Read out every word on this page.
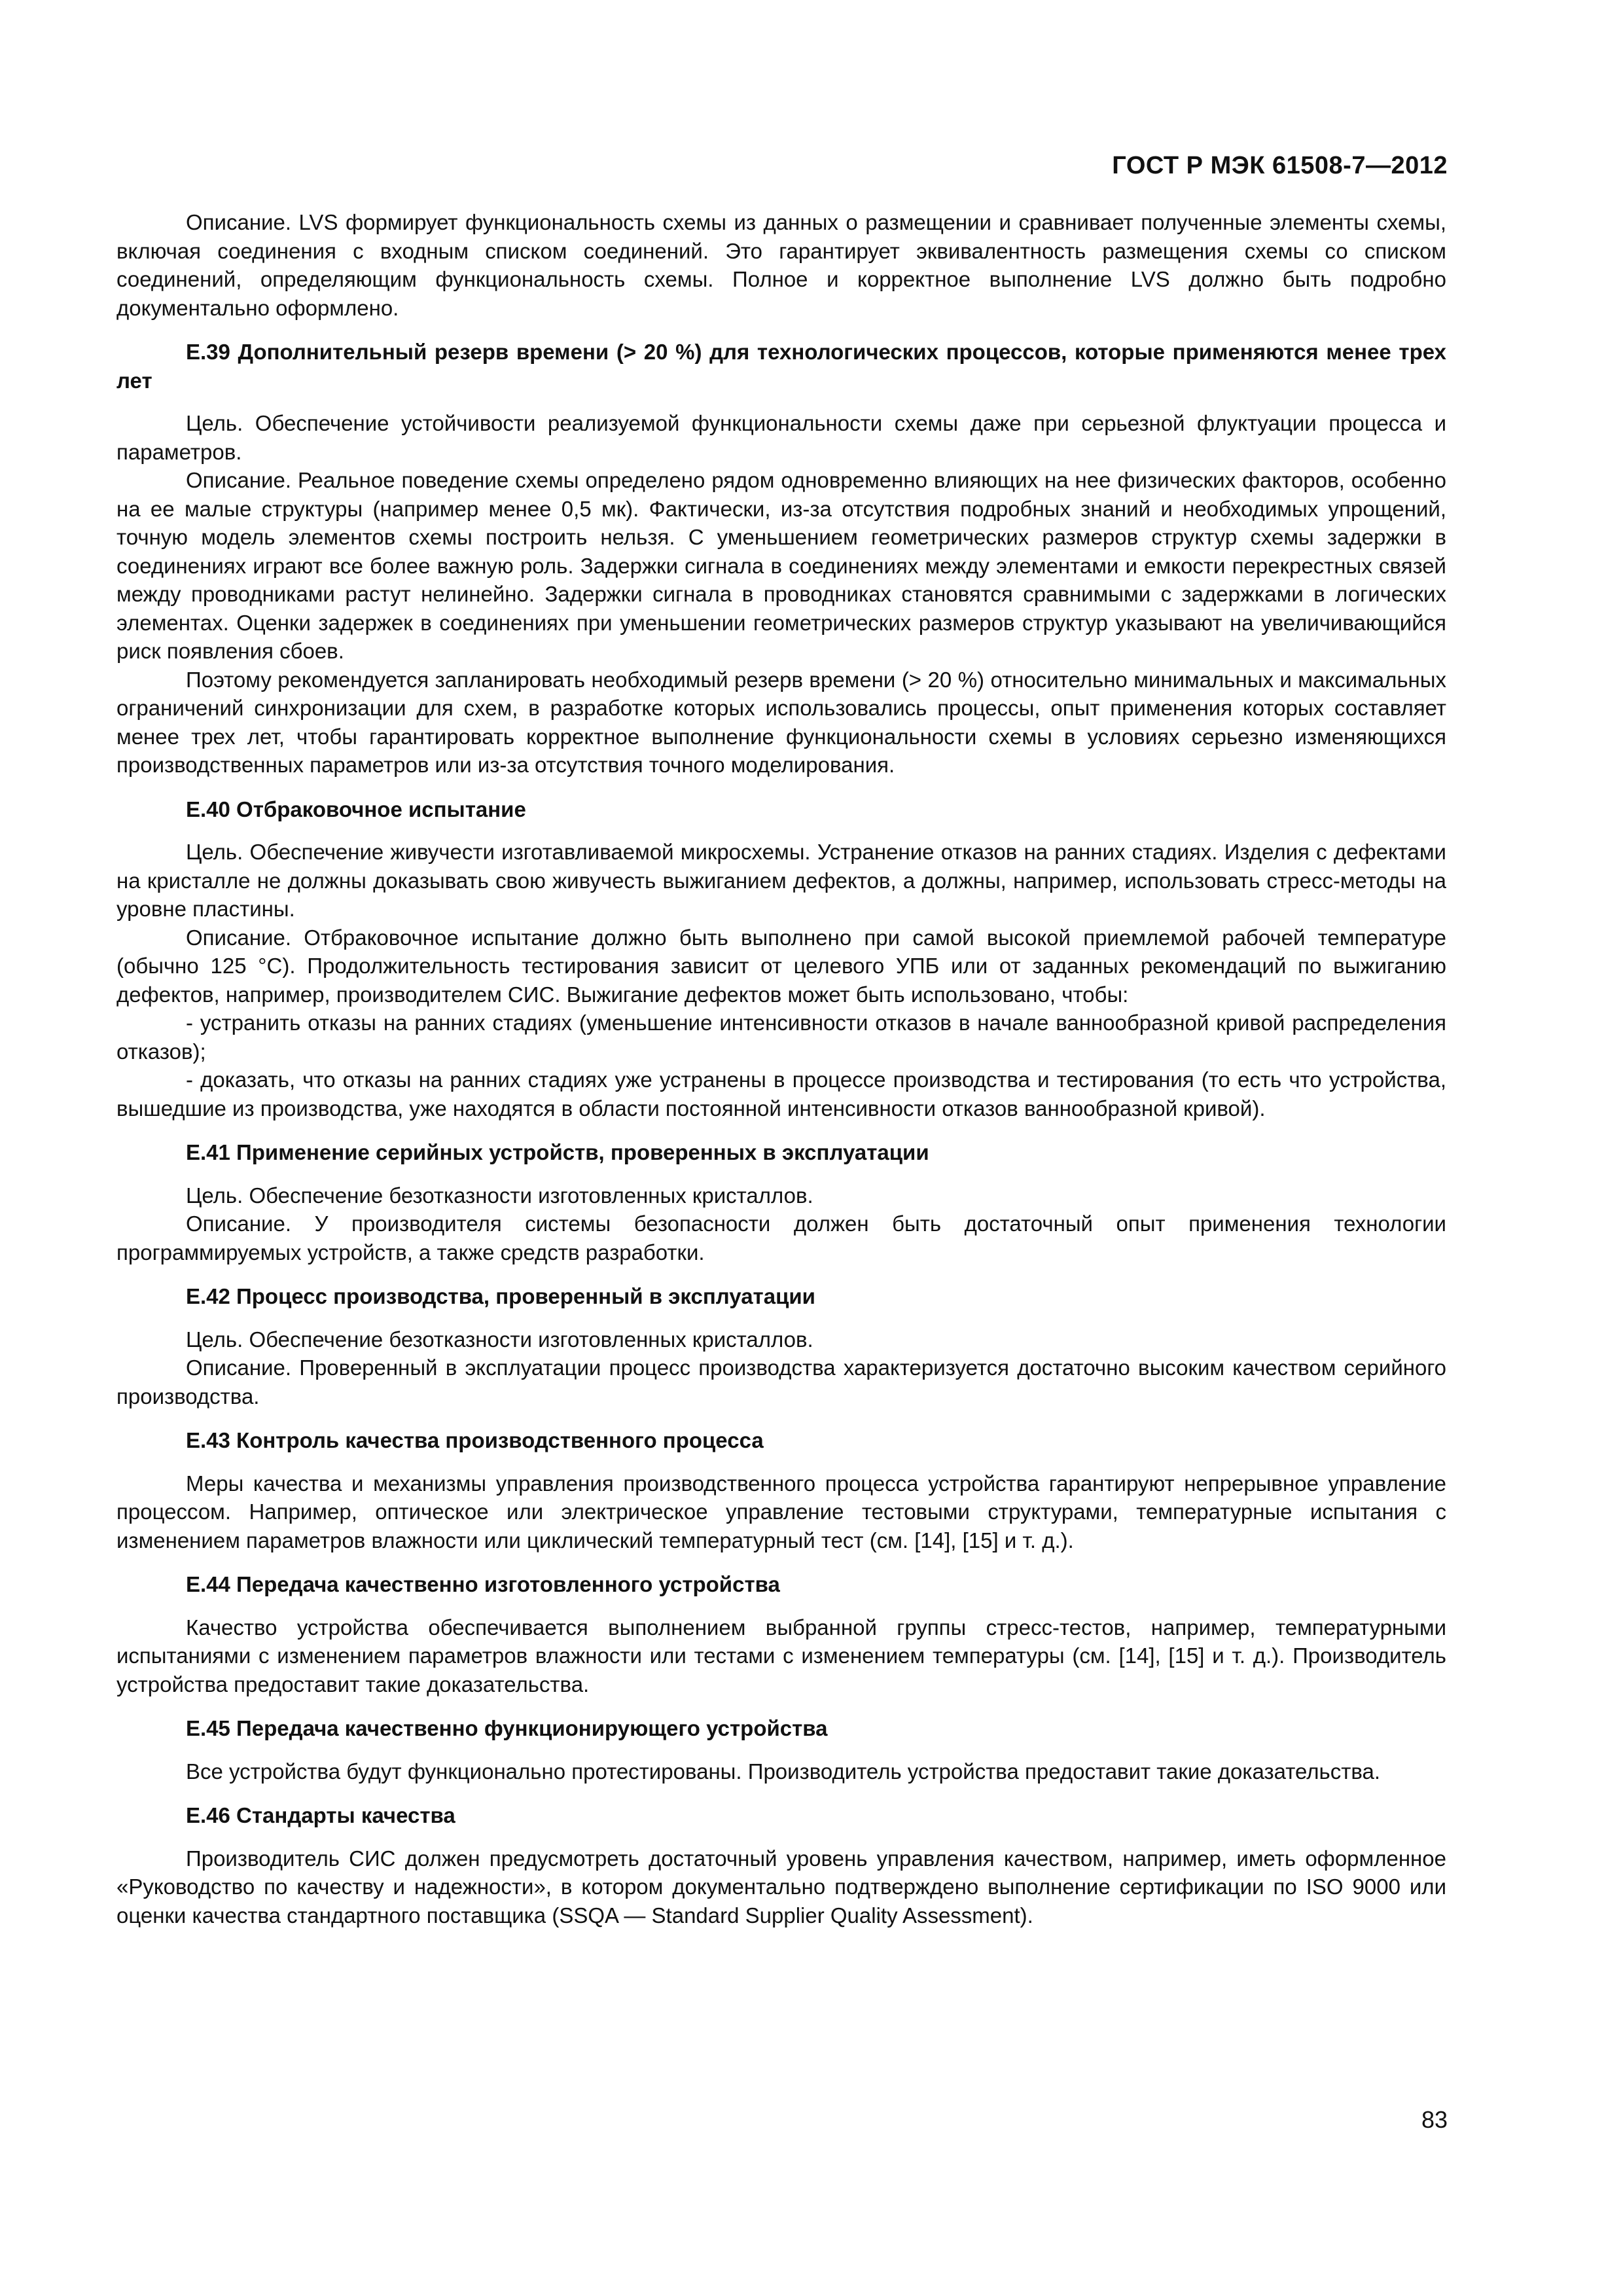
ГОСТ Р МЭК 61508-7—2012

Описание. LVS формирует функциональность схемы из данных о размещении и сравнивает полученные элементы схемы, включая соединения с входным списком соединений. Это гарантирует эквивалентность размещения схемы со списком соединений, определяющим функциональность схемы. Полное и корректное выполнение LVS должно быть подробно документально оформлено.

Е.39 Дополнительный резерв времени (> 20 %) для технологических процессов, которые применяются менее трех лет

Цель. Обеспечение устойчивости реализуемой функциональности схемы даже при серьезной флуктуации процесса и параметров.

Описание. Реальное поведение схемы определено рядом одновременно влияющих на нее физических факторов, особенно на ее малые структуры (например менее 0,5 мк). Фактически, из-за отсутствия подробных знаний и необходимых упрощений, точную модель элементов схемы построить нельзя. С уменьшением геометрических размеров структур схемы задержки в соединениях играют все более важную роль. Задержки сигнала в соединениях между элементами и емкости перекрестных связей между проводниками растут нелинейно. Задержки сигнала в проводниках становятся сравнимыми с задержками в логических элементах. Оценки задержек в соединениях при уменьшении геометрических размеров структур указывают на увеличивающийся риск появления сбоев.

Поэтому рекомендуется запланировать необходимый резерв времени (> 20 %) относительно минимальных и максимальных ограничений синхронизации для схем, в разработке которых использовались процессы, опыт применения которых составляет менее трех лет, чтобы гарантировать корректное выполнение функциональности схемы в условиях серьезно изменяющихся производственных параметров или из-за отсутствия точного моделирования.

Е.40 Отбраковочное испытание

Цель. Обеспечение живучести изготавливаемой микросхемы. Устранение отказов на ранних стадиях. Изделия с дефектами на кристалле не должны доказывать свою живучесть выжиганием дефектов, а должны, например, использовать стресс-методы на уровне пластины.

Описание. Отбраковочное испытание должно быть выполнено при самой высокой приемлемой рабочей температуре (обычно 125 °С). Продолжительность тестирования зависит от целевого УПБ или от заданных рекомендаций по выжиганию дефектов, например, производителем СИС. Выжигание дефектов может быть использовано, чтобы:

- устранить отказы на ранних стадиях (уменьшение интенсивности отказов в начале ваннообразной кривой распределения отказов);

- доказать, что отказы на ранних стадиях уже устранены в процессе производства и тестирования (то есть что устройства, вышедшие из производства, уже находятся в области постоянной интенсивности отказов ваннообразной кривой).

Е.41 Применение серийных устройств, проверенных в эксплуатации

Цель. Обеспечение безотказности изготовленных кристаллов.

Описание. У производителя системы безопасности должен быть достаточный опыт применения технологии программируемых устройств, а также средств разработки.

Е.42 Процесс производства, проверенный в эксплуатации

Цель. Обеспечение безотказности изготовленных кристаллов.

Описание. Проверенный в эксплуатации процесс производства характеризуется достаточно высоким качеством серийного производства.

Е.43 Контроль качества производственного процесса

Меры качества и механизмы управления производственного процесса устройства гарантируют непрерывное управление процессом. Например, оптическое или электрическое управление тестовыми структурами, температурные испытания с изменением параметров влажности или циклический температурный тест (см. [14], [15] и т. д.).

Е.44 Передача качественно изготовленного устройства

Качество устройства обеспечивается выполнением выбранной группы стресс-тестов, например, температурными испытаниями с изменением параметров влажности или тестами с изменением температуры (см. [14], [15] и т. д.). Производитель устройства предоставит такие доказательства.

Е.45 Передача качественно функционирующего устройства

Все устройства будут функционально протестированы. Производитель устройства предоставит такие доказательства.

Е.46 Стандарты качества

Производитель СИС должен предусмотреть достаточный уровень управления качеством, например, иметь оформленное «Руководство по качеству и надежности», в котором документально подтверждено выполнение сертификации по ISO 9000 или оценки качества стандартного поставщика (SSQA — Standard Supplier Quality Assessment).

83
